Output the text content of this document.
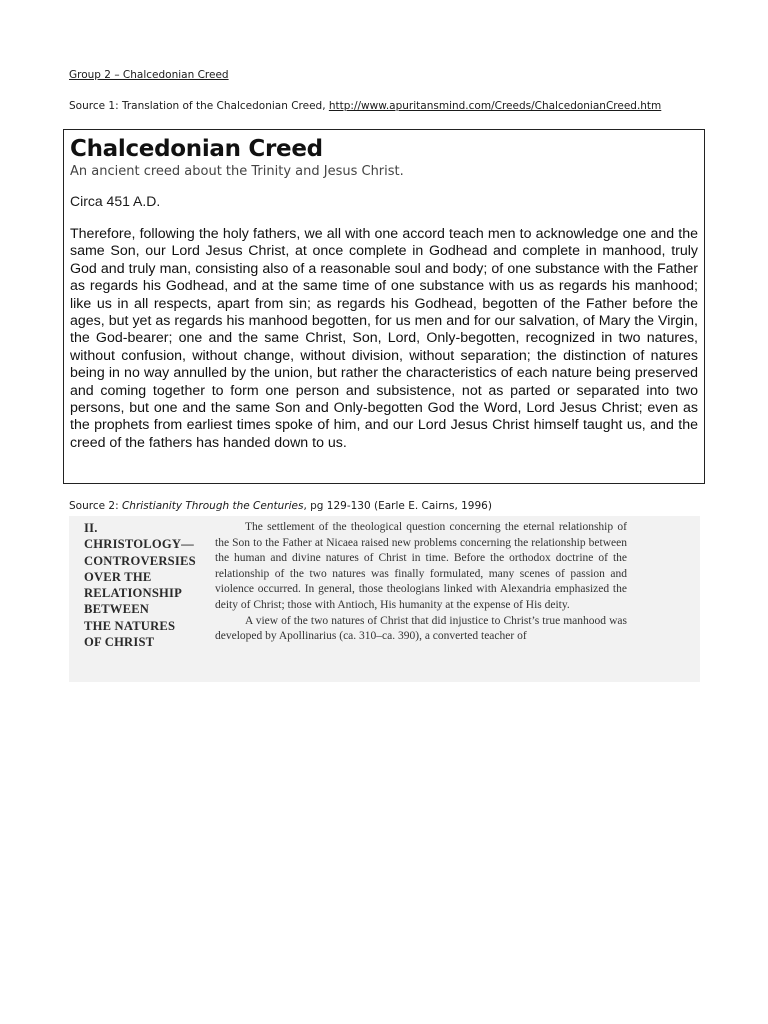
Group 2 – Chalcedonian Creed
Source 1: Translation of the Chalcedonian Creed, http://www.apuritansmind.com/Creeds/ChalcedonianCreed.htm
Chalcedonian Creed

An ancient creed about the Trinity and Jesus Christ.

Circa 451 A.D.

Therefore, following the holy fathers, we all with one accord teach men to acknowledge one and the same Son, our Lord Jesus Christ, at once complete in Godhead and complete in manhood, truly God and truly man, consisting also of a reasonable soul and body; of one substance with the Father as regards his Godhead, and at the same time of one substance with us as regards his manhood; like us in all respects, apart from sin; as regards his Godhead, begotten of the Father before the ages, but yet as regards his manhood begotten, for us men and for our salvation, of Mary the Virgin, the God-bearer; one and the same Christ, Son, Lord, Only-begotten, recognized in two natures, without confusion, without change, without division, without separation; the distinction of natures being in no way annulled by the union, but rather the characteristics of each nature being preserved and coming together to form one person and subsistence, not as parted or separated into two persons, but one and the same Son and Only-begotten God the Word, Lord Jesus Christ; even as the prophets from earliest times spoke of him, and our Lord Jesus Christ himself taught us, and the creed of the fathers has handed down to us.

Source 2: Christianity Through the Centuries, pg 129-130 (Earle E. Cairns, 1996)
II.
CHRISTOLOGY—
CONTROVERSIES
OVER THE
RELATIONSHIP
BETWEEN
THE NATURES
OF CHRIST

The settlement of the theological question concerning the eternal relationship of the Son to the Father at Nicaea raised new problems concerning the relationship between the human and divine natures of Christ in time. Before the orthodox doctrine of the relationship of the two natures was finally formulated, many scenes of passion and violence occurred. In general, those theologians linked with Alexandria emphasized the deity of Christ; those with Antioch, His humanity at the expense of His deity.

A view of the two natures of Christ that did injustice to Christ’s true manhood was developed by Apollinarius (ca. 310–ca. 390), a converted teacher of
